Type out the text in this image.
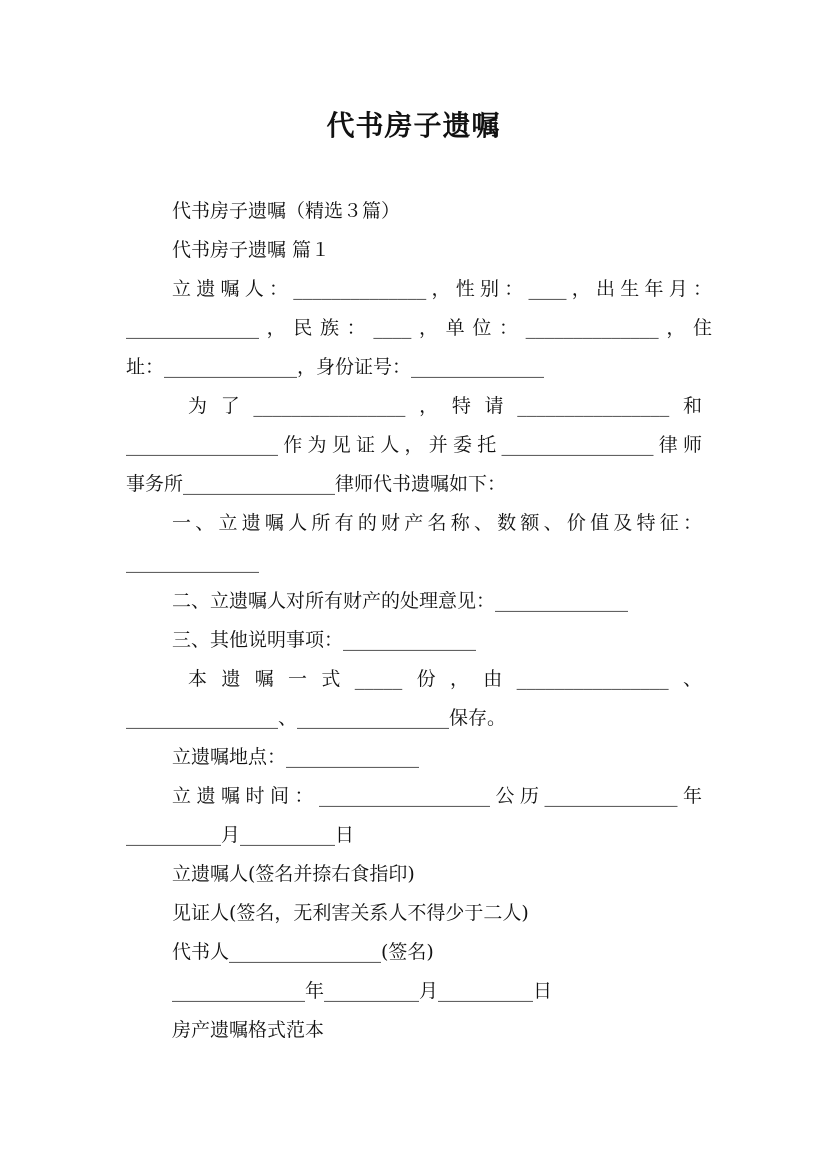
代书房子遗嘱
代书房子遗嘱（精选３篇）
代书房子遗嘱 篇１
立遗嘱人：______________，性别：____，出生年月：
______________，民族：____，单位：______________，住
址：______________，身份证号：______________
为了________________，特请________________和
________________作为见证人，并委托________________律师
事务所________________律师代书遗嘱如下：
一、立遗嘱人所有的财产名称、数额、价值及特征：
______________
二、立遗嘱人对所有财产的处理意见：______________
三、其他说明事项：______________
本遗嘱一式_____份，由________________、
________________、________________保存。
立遗嘱地点：______________
立遗嘱时间：__________________公历______________年
__________月__________日
立遗嘱人(签名并捺右食指印)
见证人(签名，无利害关系人不得少于二人)
代书人________________(签名)
______________年__________月__________日
房产遗嘱格式范本
